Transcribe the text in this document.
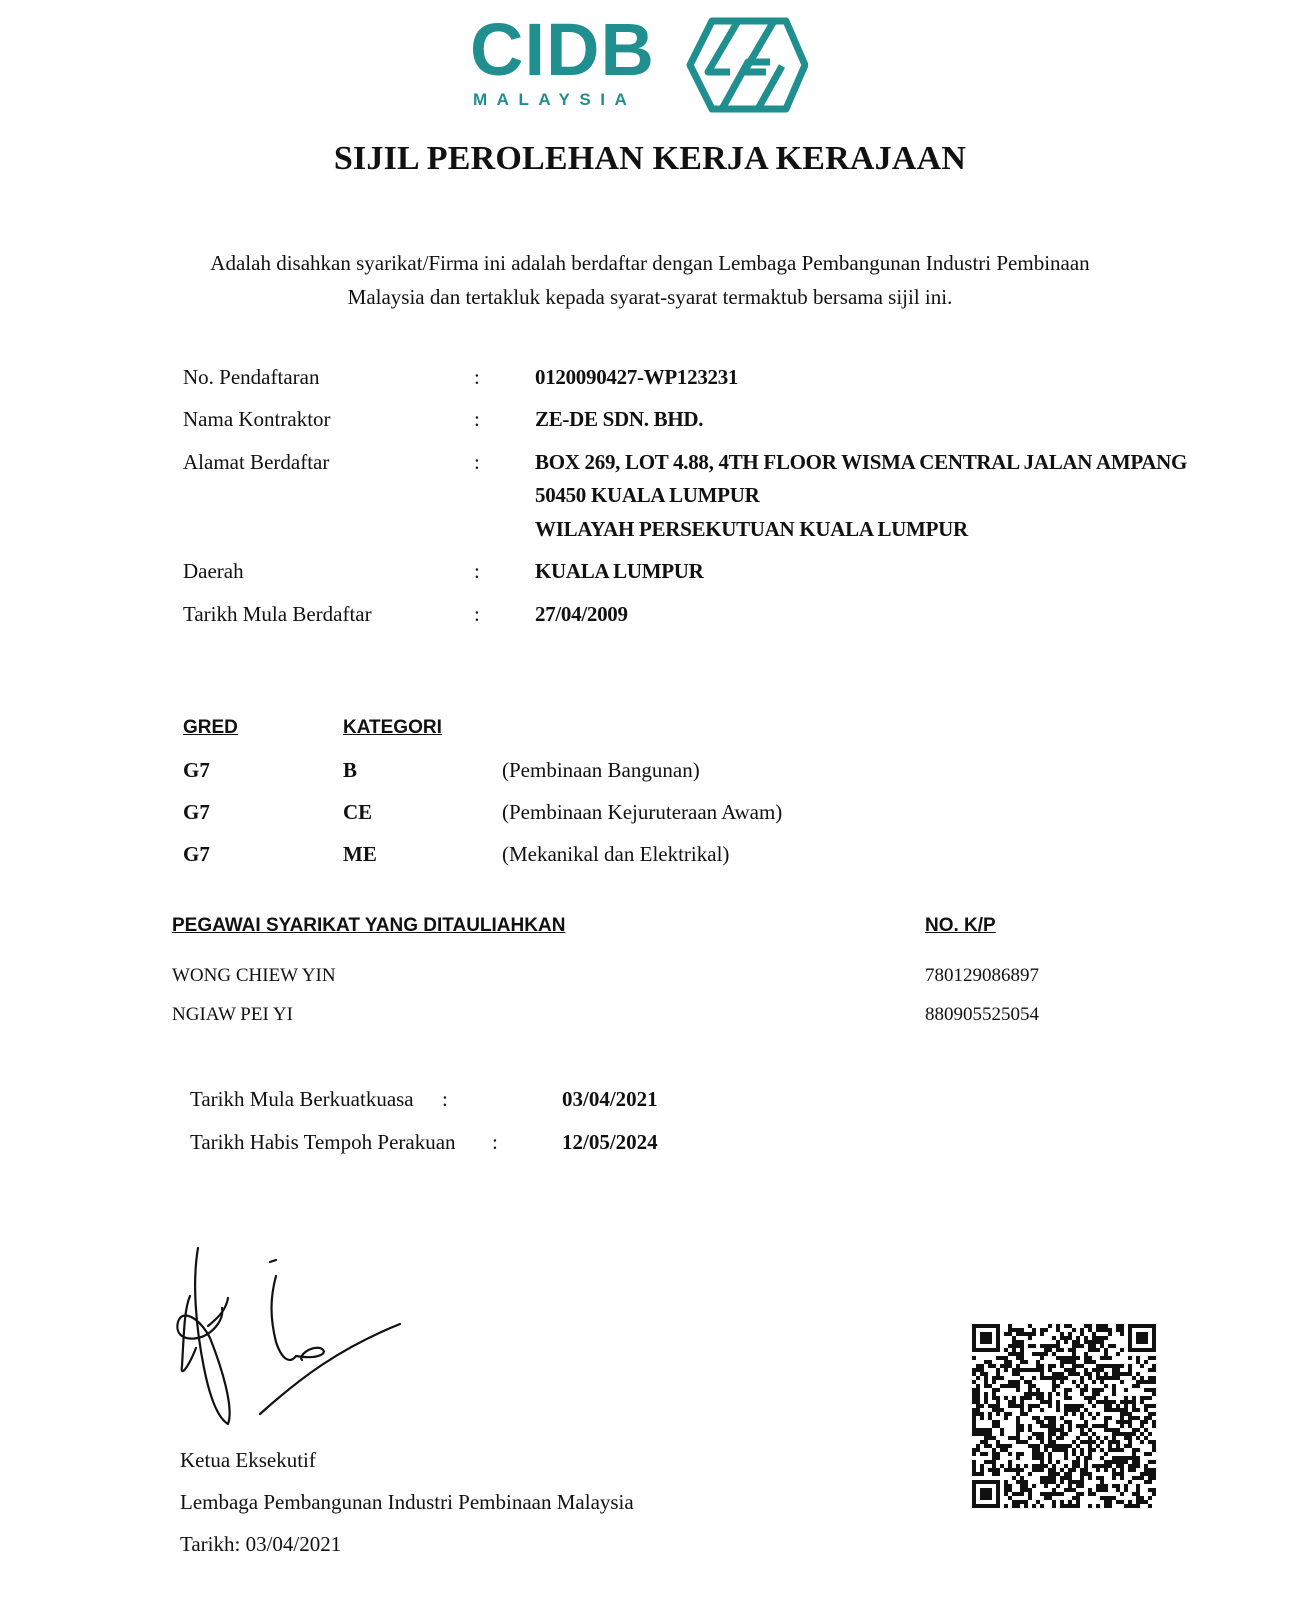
CIDB
MALAYSIA
SIJIL PEROLEHAN KERJA KERAJAAN
Adalah disahkan syarikat/Firma ini adalah berdaftar dengan Lembaga Pembangunan Industri Pembinaan
Malaysia dan tertakluk kepada syarat-syarat termaktub bersama sijil ini.
No. Pendaftaran	:	0120090427-WP123231
Nama Kontraktor	:	ZE-DE SDN. BHD.
Alamat Berdaftar	:	BOX 269, LOT 4.88, 4TH FLOOR WISMA CENTRAL JALAN AMPANG
50450 KUALA LUMPUR
WILAYAH PERSEKUTUAN KUALA LUMPUR
Daerah	:	KUALA LUMPUR
Tarikh Mula Berdaftar	:	27/04/2009
GRED	KATEGORI
G7	B	(Pembinaan Bangunan)
G7	CE	(Pembinaan Kejuruteraan Awam)
G7	ME	(Mekanikal dan Elektrikal)
PEGAWAI SYARIKAT YANG DITAULIAHKAN	NO. K/P
WONG CHIEW YIN	780129086897
NGIAW PEI YI	880905525054
Tarikh Mula Berkuatkuasa :	03/04/2021
Tarikh Habis Tempoh Perakuan :	12/05/2024
Ketua Eksekutif
Lembaga Pembangunan Industri Pembinaan Malaysia
Tarikh: 03/04/2021
